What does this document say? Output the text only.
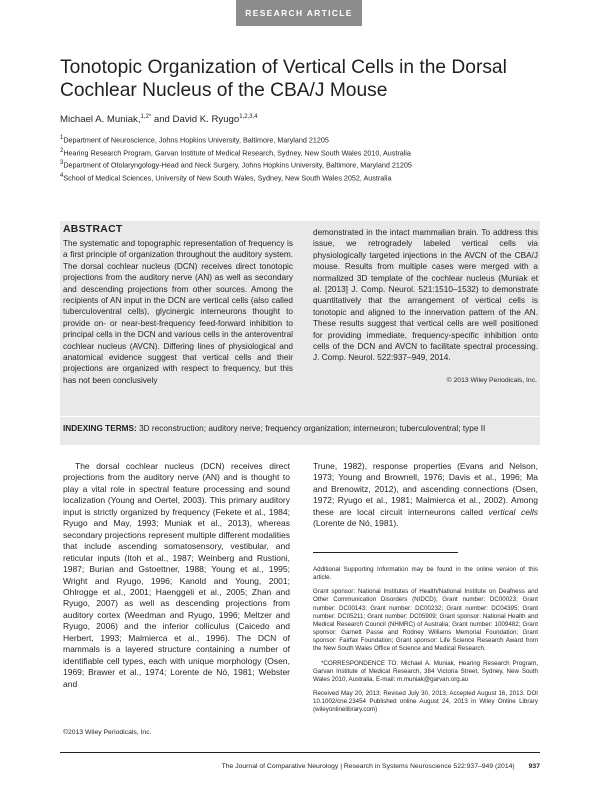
RESEARCH ARTICLE
Tonotopic Organization of Vertical Cells in the Dorsal Cochlear Nucleus of the CBA/J Mouse
Michael A. Muniak,$^{1,2*}$ and David K. Ryugo$^{1,2,3,4}$
$^1$Department of Neuroscience, Johns Hopkins University, Baltimore, Maryland 21205
$^2$Hearing Research Program, Garvan Institute of Medical Research, Sydney, New South Wales 2010, Australia
$^3$Department of Otolaryngology-Head and Neck Surgery, Johns Hopkins University, Baltimore, Maryland 21205
$^4$School of Medical Sciences, University of New South Wales, Sydney, New South Wales 2052, Australia
ABSTRACT

The systematic and topographic representation of frequency is a first principle of organization throughout the auditory system. The dorsal cochlear nucleus (DCN) receives direct tonotopic projections from the auditory nerve (AN) as well as secondary and descending projections from other sources. Among the recipients of AN input in the DCN are vertical cells (also called tuberculoventral cells), glycinergic interneurons thought to provide on- or near-best-frequency feed-forward inhibition to principal cells in the DCN and various cells in the anteroventral cochlear nucleus (AVCN). Differing lines of physiological and anatomical evidence suggest that vertical cells and their projections are organized with respect to frequency, but this has not been conclusively

demonstrated in the intact mammalian brain. To address this issue, we retrogradely labeled vertical cells via physiologically targeted injections in the AVCN of the CBA/J mouse. Results from multiple cases were merged with a normalized 3D template of the cochlear nucleus (Muniak et al. [2013] J. Comp. Neurol. 521:1510–1532) to demonstrate quantitatively that the arrangement of vertical cells is tonotopic and aligned to the innervation pattern of the AN. These results suggest that vertical cells are well positioned for providing immediate, frequency-specific inhibition onto cells of the DCN and AVCN to facilitate spectral processing. J. Comp. Neurol. 522:937–949, 2014.

© 2013 Wiley Periodicals, Inc.
INDEXING TERMS: 3D reconstruction; auditory nerve; frequency organization; interneuron; tuberculoventral; type II

The dorsal cochlear nucleus (DCN) receives direct projections from the auditory nerve (AN) and is thought to play a vital role in spectral feature processing and sound localization (Young and Oertel, 2003). This primary auditory input is strictly organized by frequency (Fekete et al., 1984; Ryugo and May, 1993; Muniak et al., 2013), whereas secondary projections represent multiple different modalities that include ascending somatosensory, vestibular, and reticular inputs (Itoh et al., 1987; Weinberg and Rustioni, 1987; Burian and Gstoettner, 1988; Young et al., 1995; Wright and Ryugo, 1996; Kanold and Young, 2001; Ohlrogge et al., 2001; Haenggeli et al., 2005; Zhan and Ryugo, 2007) as well as descending projections from auditory cortex (Weedman and Ryugo, 1996; Meltzer and Ryugo, 2006) and the inferior colliculus (Caicedo and Herbert, 1993; Malmierca et al., 1996). The DCN of mammals is a layered structure containing a number of identifiable cell types, each with unique morphology (Osen, 1969; Brawer et al., 1974; Lorente de Nó, 1981; Webster and

Trune, 1982), response properties (Evans and Nelson, 1973; Young and Brownell, 1976; Davis et al., 1996; Ma and Brenowitz, 2012), and ascending connections (Osen, 1972; Ryugo et al., 1981; Malmierca et al., 2002). Among these are local circuit interneurons called vertical cells (Lorente de Nó, 1981).

Additional Supporting Information may be found in the online version of this article.

Grant sponsor: National Institutes of Health/National Institute on Deafness and Other Communication Disorders (NIDCD); Grant number: DC00023; Grant number: DC00143; Grant number: DC00232; Grant number: DC04395; Grant number: DC05211; Grant number: DC05909; Grant sponsor: National Health and Medical Research Council (NHMRC) of Australia; Grant number: 1009482; Grant sponsor: Garnett Passe and Rodney Williams Memorial Foundation; Grant sponsor: Fairfax Foundation; Grant sponsor: Life Science Research Award from the New South Wales Office of Science and Medical Research.

*CORRESPONDENCE TO: Michael A. Muniak, Hearing Research Program, Garvan Institute of Medical Research, 384 Victoria Street, Sydney, New South Wales 2010, Australia. E-mail: m.muniak@garvan.org.au

Received May 20, 2013; Revised July 30, 2013; Accepted August 16, 2013. DOI 10.1002/cne.23454 Published online August 24, 2013 in Wiley Online Library (wileyonlinelibrary.com)

©2013 Wiley Periodicals, Inc.
The Journal of Comparative Neurology | Research in Systems Neuroscience 522:937–949 (2014) 937
